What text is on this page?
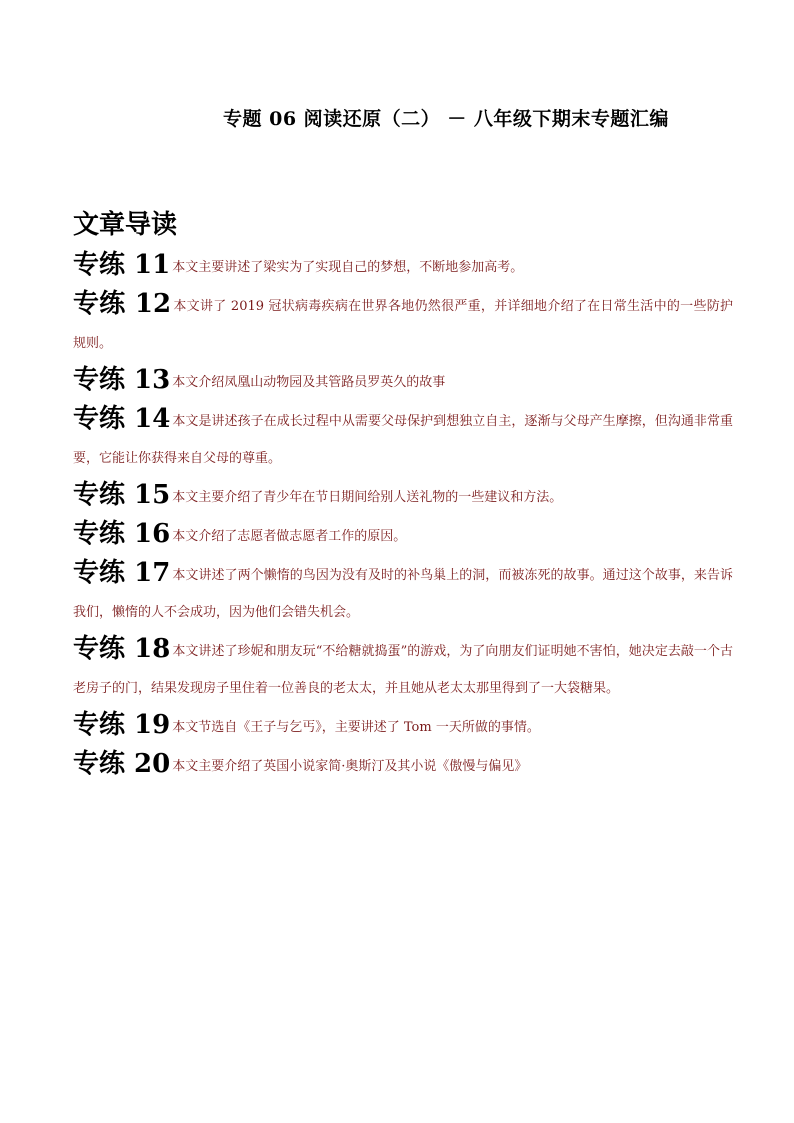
专题 06 阅读还原（二） － 八年级下期末专题汇编
文章导读
专练 11 本文主要讲述了梁实为了实现自己的梦想，不断地参加高考。
专练 12 本文讲了 2019 冠状病毒疾病在世界各地仍然很严重，并详细地介绍了在日常生活中的一些防护规则。
专练 13 本文介绍凤凰山动物园及其管路员罗英久的故事
专练 14 本文是讲述孩子在成长过程中从需要父母保护到想独立自主，逐渐与父母产生摩擦，但沟通非常重要，它能让你获得来自父母的尊重。
专练 15 本文主要介绍了青少年在节日期间给别人送礼物的一些建议和方法。
专练 16 本文介绍了志愿者做志愿者工作的原因。
专练 17 本文讲述了两个懒惰的鸟因为没有及时的补鸟巢上的洞，而被冻死的故事。通过这个故事，来告诉我们，懒惰的人不会成功，因为他们会错失机会。
专练 18 本文讲述了珍妮和朋友玩“不给糖就捣蛋”的游戏，为了向朋友们证明她不害怕，她决定去敲一个古老房子的门，结果发现房子里住着一位善良的老太太，并且她从老太太那里得到了一大袋糖果。
专练 19 本文节选自《王子与乞丐》，主要讲述了 Tom 一天所做的事情。
专练 20 本文主要介绍了英国小说家简·奥斯汀及其小说《傲慢与偏见》
